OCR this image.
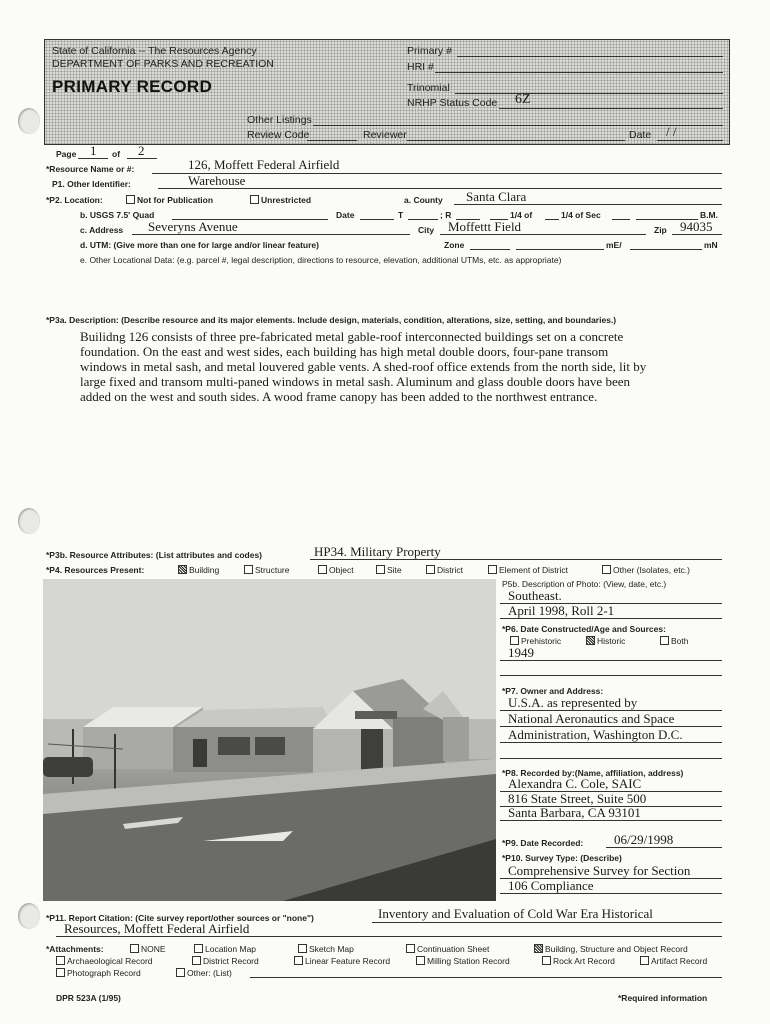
State of California -- The Resources Agency
DEPARTMENT OF PARKS AND RECREATION
PRIMARY RECORD
Primary #
HRI #
Trinomial
NRHP Status Code 6Z
Other Listings
Review Code	Reviewer	Date / /
Page 1 of 2
*Resource Name or #:	126, Moffett Federal Airfield
P1. Other Identifier:	Warehouse
*P2. Location:	Not for Publication	Unrestricted	a. County Santa Clara
b. USGS 7.5' Quad	Date	T	; R	1/4 of	1/4 of Sec	B.M.
c. Address Severyns Avenue	City Moffettt Field	Zip 94035
d. UTM: (Give more than one for large and/or linear feature)	Zone	mE/	mN
e. Other Locational Data: (e.g. parcel #, legal description, directions to resource, elevation, additional UTMs, etc. as appropriate)
*P3a. Description: (Describe resource and its major elements. Include design, materials, condition, alterations, size, setting, and boundaries.)
Builidng 126 consists of three pre-fabricated metal gable-roof interconnected buildings set on a concrete
foundation. On the east and west sides, each building has high metal double doors, four-pane transom
windows in metal sash, and metal louvered gable vents. A shed-roof office extends from the north side, lit by
large fixed and transom multi-paned windows in metal sash. Aluminum and glass double doors have been
added on the west and south sides. A wood frame canopy has been added to the northwest entrance.
*P3b. Resource Attributes: (List attributes and codes)	HP34. Military Property
*P4. Resources Present:	Building	Structure	Object	Site	District	Element of District	Other (Isolates, etc.)
P5b. Description of Photo: (View, date, etc.)
Southeast.
April 1998, Roll 2-1
*P6. Date Constructed/Age and Sources:
Prehistoric	Historic	Both
1949
*P7. Owner and Address:
U.S.A. as represented by
National Aeronautics and Space
Administration, Washington D.C.
*P8. Recorded by:(Name, affiliation, address)
Alexandra C. Cole, SAIC
816 State Street, Suite 500
Santa Barbara, CA 93101
*P9. Date Recorded: 06/29/1998
*P10. Survey Type: (Describe)
Comprehensive Survey for Section
106 Compliance
*P11. Report Citation: (Cite survey report/other sources or "none")	Inventory and Evaluation of Cold War Era Historical
Resources, Moffett Federal Airfield
*Attachments:	NONE	Location Map	Sketch Map	Continuation Sheet	Building, Structure and Object Record
Archaeological Record	District Record	Linear Feature Record	Milling Station Record	Rock Art Record	Artifact Record
Photograph Record	Other: (List)
DPR 523A (1/95)	*Required information
